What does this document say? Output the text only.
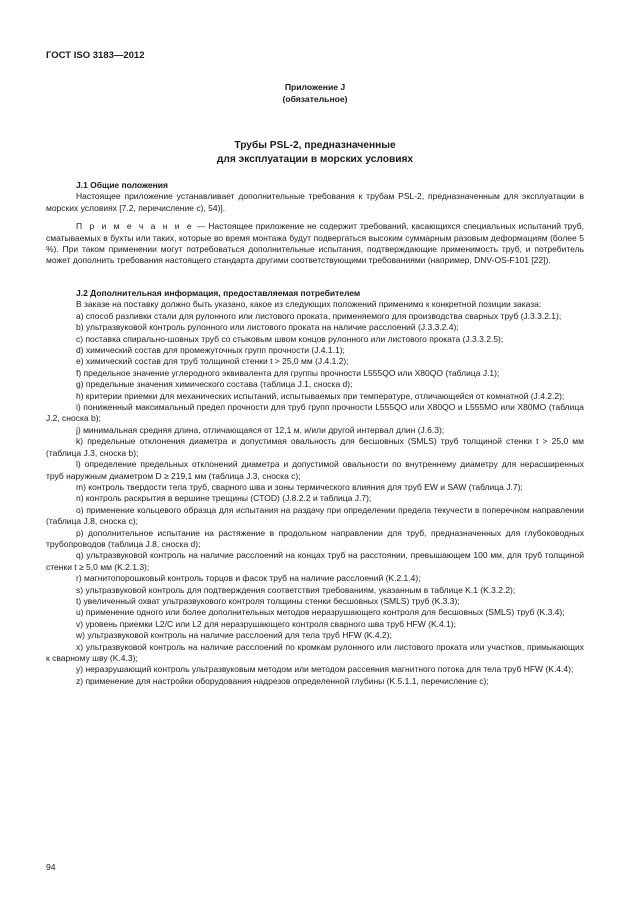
ГОСТ ISO 3183—2012
Приложение J
(обязательное)
Трубы PSL-2, предназначенные
для эксплуатации в морских условиях

J.1 Общие положения

Настоящее приложение устанавливает дополнительные требования к трубам PSL-2, предназначенным для эксплуатации в морских условиях [7.2, перечисление c), 54)].

П р и м е ч а н и е — Настоящее приложение не содержит требований, касающихся специальных испытаний труб, сматываемых в бухты или таких, которые во время монтажа будут подвергаться высоким суммарным разовым деформациям (более 5 %). При таком применении могут потребоваться дополнительные испытания, подтверждающие применимость труб, и потребитель может дополнить требования настоящего стандарта другими соответствующими требованиями (например, DNV-OS-F101 [22]).

J.2 Дополнительная информация, предоставляемая потребителем

В заказе на поставку должно быть указано, какое из следующих положений применимо к конкретной позиции заказа:

а) способ разливки стали для рулонного или листового проката, применяемого для производства сварных труб (J.3.3.2.1);

b) ультразвуковой контроль рулонного или листового проката на наличие расслоений (J.3.3.2.4);

c) поставка спирально-шовных труб со стыковым швом концов рулонного или листового проката (J.3.3.2.5);

d) химический состав для промежуточных групп прочности (J.4.1.1);

e) химический состав для труб толщиной стенки t > 25,0 мм (J.4.1.2);

f) предельное значение углеродного эквивалента для группы прочности L555QO или X80QO (таблица J.1);

g) предельные значения химического состава (таблица J.1, сноска d);

h) критерии приемки для механических испытаний, испытываемых при температуре, отличающейся от комнатной (J.4.2.2);

i) пониженный максимальный предел прочности для труб групп прочности L555QO или X80QO и L555MO или X80MO (таблица J.2, сноска b);

j) минимальная средняя длина, отличающаяся от 12,1 м, и/или другой интервал длин (J.6.3);

k) предельные отклонения диаметра и допустимая овальность для бесшовных (SMLS) труб толщиной стенки t > 25,0 мм (таблица J.3, сноска b);

l) определение предельных отклонений диаметра и допустимой овальности по внутреннему диаметру для нерасширенных труб наружным диаметром D ≥ 219,1 мм (таблица J.3, сноска c);

m) контроль твердости тела труб, сварного шва и зоны термического влияния для труб EW и SAW (таблица J.7);

n) контроль раскрытия в вершине трещины (CTOD) (J.8.2.2 и таблица J.7);

o) применение кольцевого образца для испытания на раздачу при определении предела текучести в поперечном направлении (таблица J.8, сноска c);

p) дополнительное испытание на растяжение в продольном направлении для труб, предназначенных для глубоководных трубопроводов (таблица J.8, сноска d);

q) ультразвуковой контроль на наличие расслоений на концах труб на расстоянии, превышающем 100 мм, для труб толщиной стенки t ≥ 5,0 мм (K.2.1.3);

r) магнитопорошковый контроль торцов и фасок труб на наличие расслоений (K.2.1.4);

s) ультразвуковой контроль для подтверждения соответствия требованиям, указанным в таблице K.1 (K.3.2.2);

t) увеличенный охват ультразвукового контроля толщины стенки бесшовных (SMLS) труб (K.3.3);

u) применение одного или более дополнительных методов неразрушающего контроля для бесшовных (SMLS) труб (K.3.4);

v) уровень приемки L2/C или L2 для неразрушающего контроля сварного шва труб HFW (K.4.1);

w) ультразвуковой контроль на наличие расслоений для тела труб HFW (K.4.2);

x) ультразвуковой контроль на наличие расслоений по кромкам рулонного или листового проката или участков, примыкающих к сварному шву (K.4.3);

y) неразрушающий контроль ультразвуковым методом или методом рассеяния магнитного потока для тела труб HFW (K.4.4);

z) применение для настройки оборудования надрезов определенной глубины (K.5.1.1, перечисление c);

94
